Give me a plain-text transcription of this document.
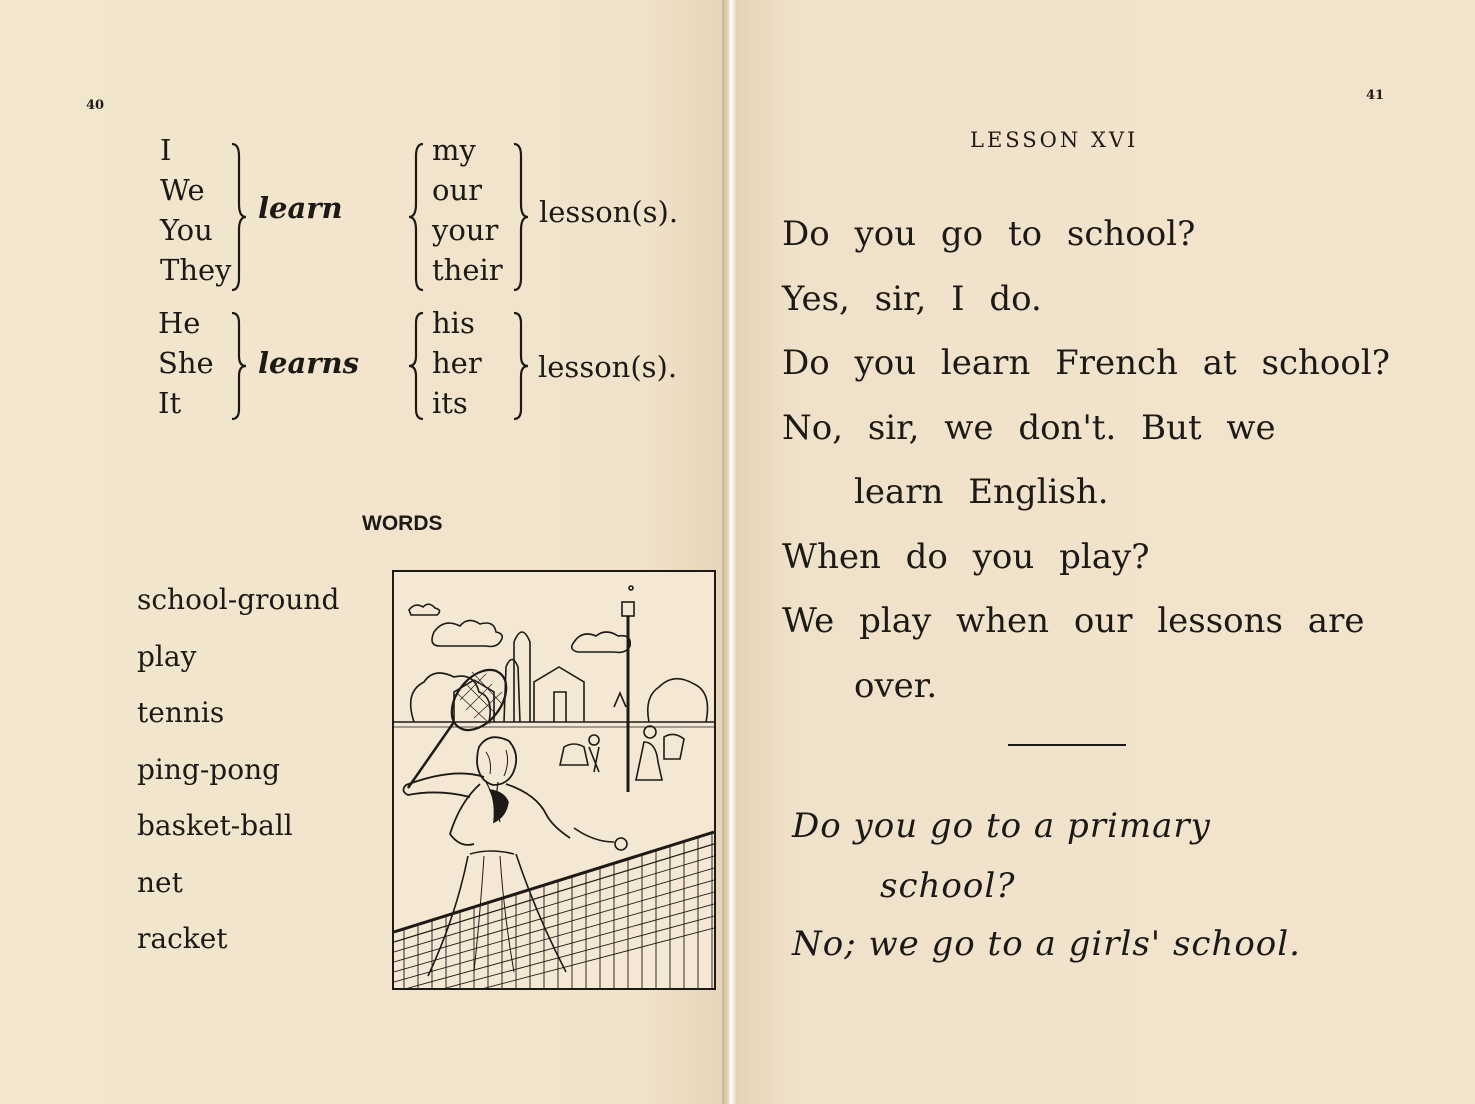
40
I
We
You
They
learn
my
our
your
their
lesson(s).
He
She
It
learns
his
her
its
lesson(s).
WORDS
school-ground
play
tennis
ping-pong
basket-ball
net
racket
41
LESSON XVI

Do you go to school?

Yes, sir, I do.

Do you learn French at school?

No, sir, we don't. But we

learn English.

When do you play?

We play when our lessons are

over.

Do you go to a primary
school?
No; we go to a girls' school.
